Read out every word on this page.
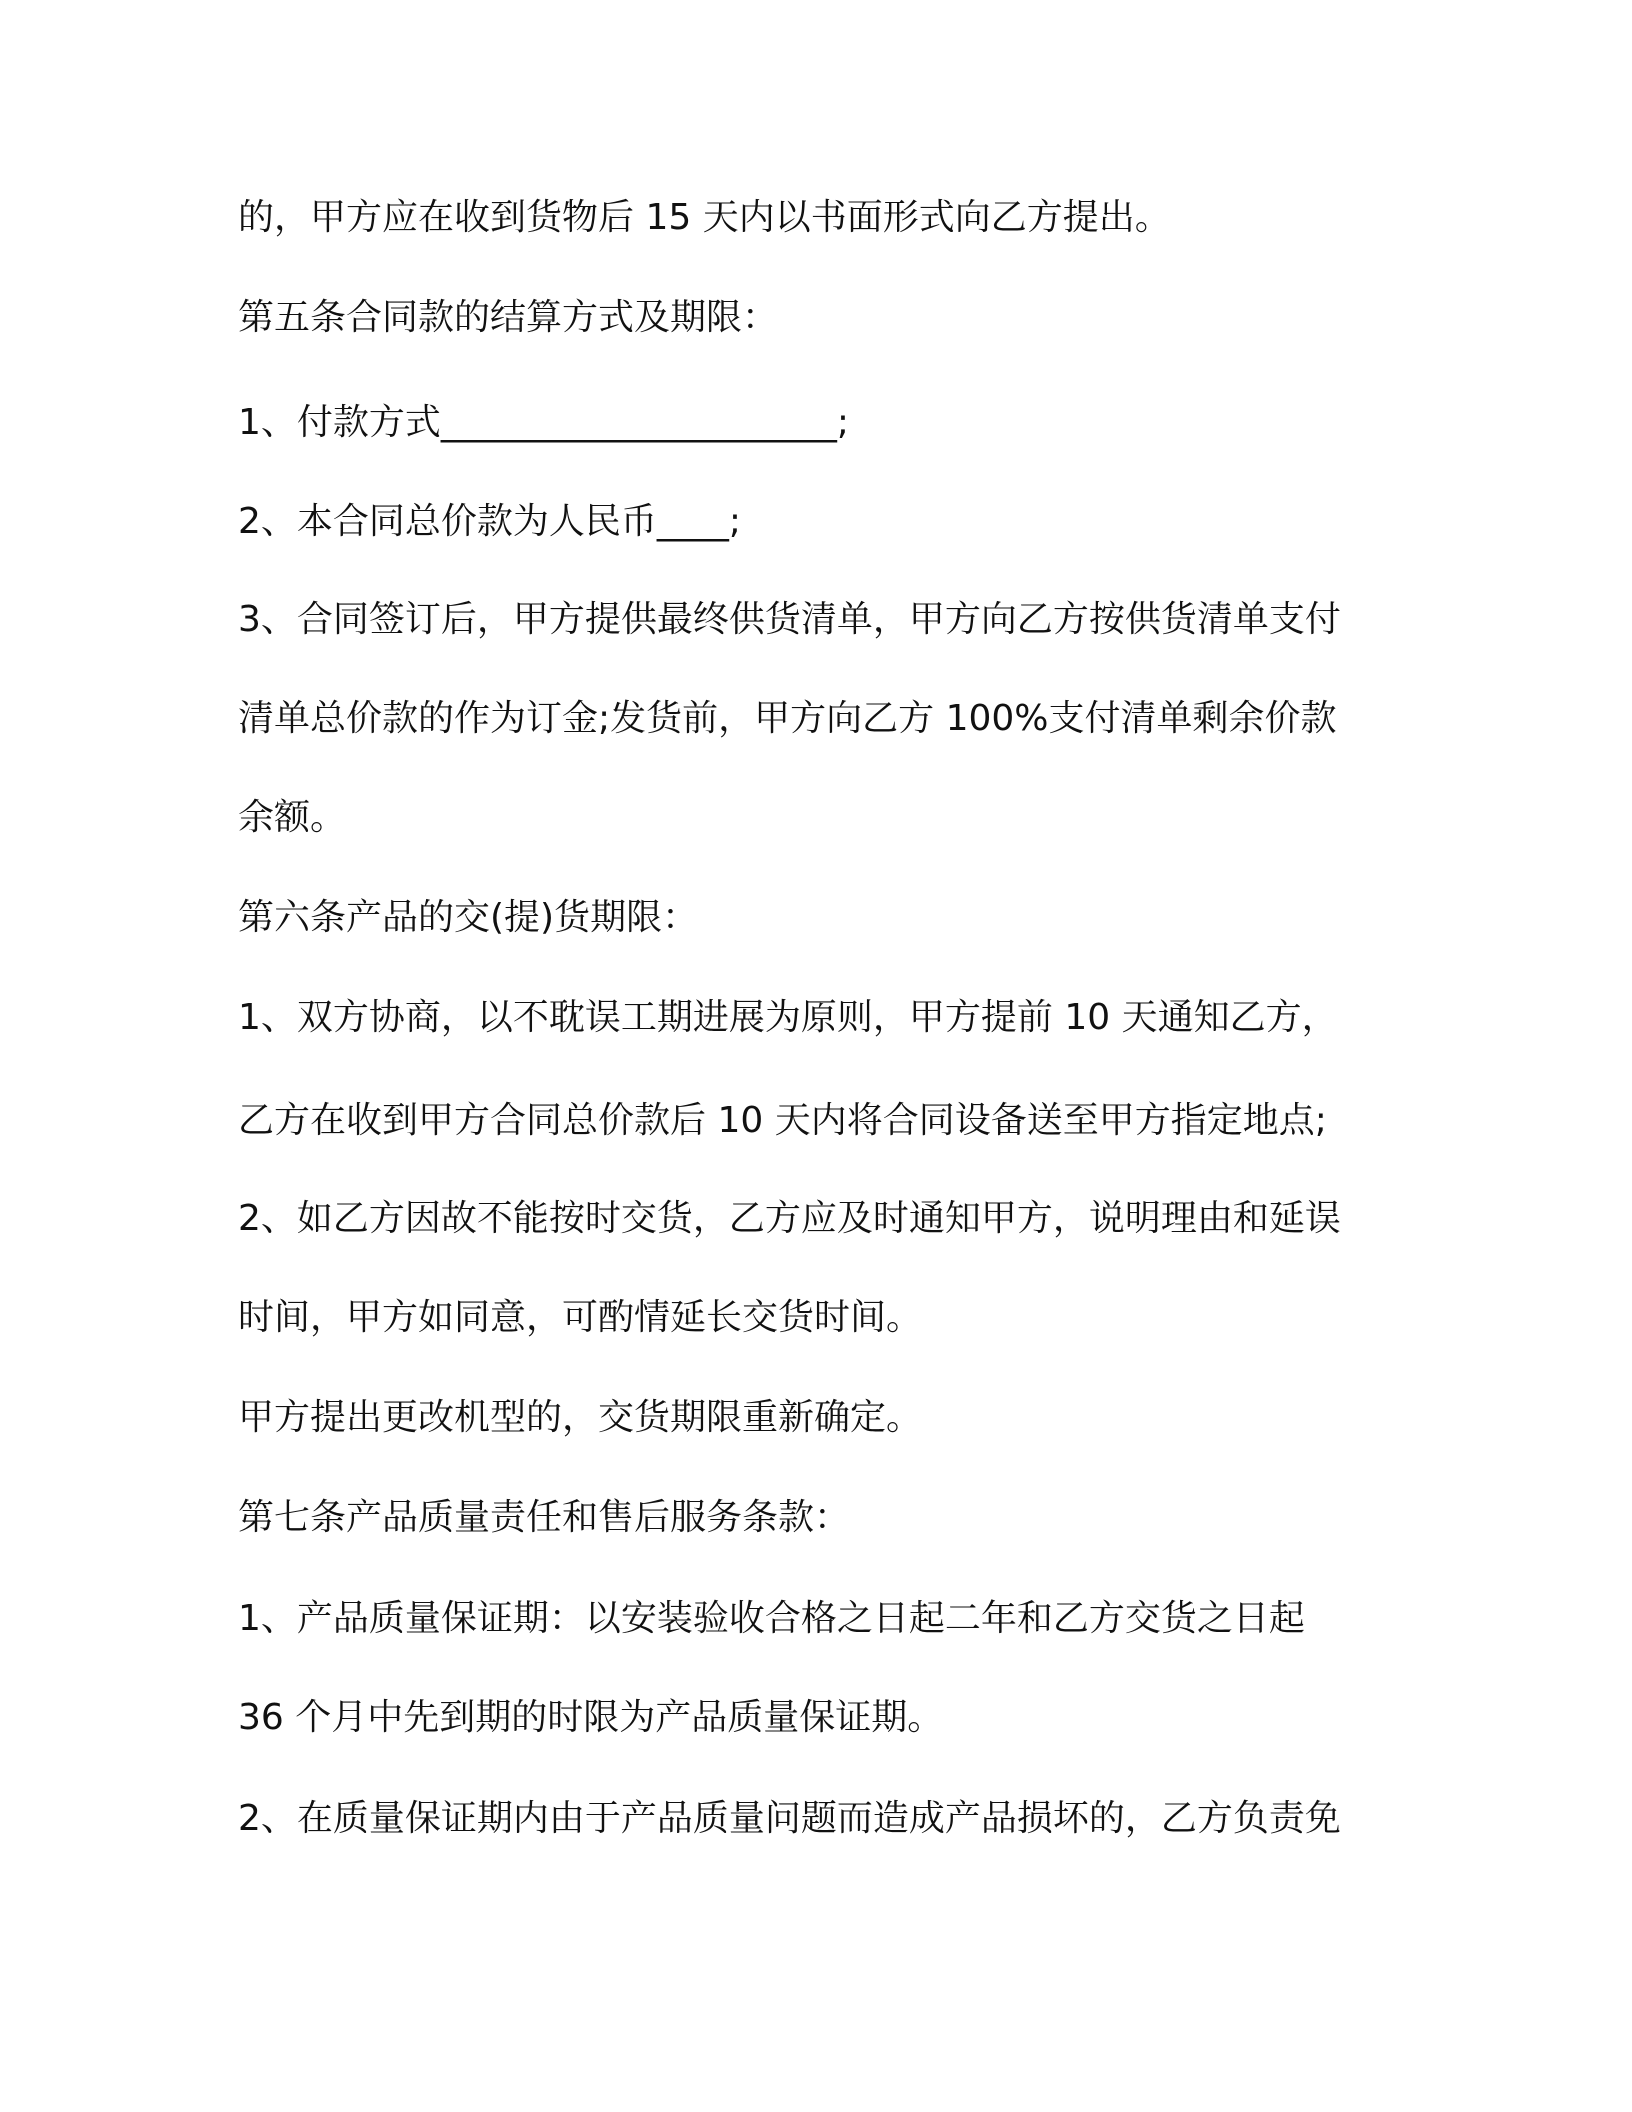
的，甲方应在收到货物后 15 天内以书面形式向乙方提出。
第五条合同款的结算方式及期限：
1、付款方式______________________;
2、本合同总价款为人民币____;
3、合同签订后，甲方提供最终供货清单，甲方向乙方按供货清单支付
清单总价款的作为订金;发货前，甲方向乙方 100%支付清单剩余价款
余额。
第六条产品的交(提)货期限：
1、双方协商，以不耽误工期进展为原则，甲方提前 10 天通知乙方，
乙方在收到甲方合同总价款后 10 天内将合同设备送至甲方指定地点;
2、如乙方因故不能按时交货，乙方应及时通知甲方，说明理由和延误
时间，甲方如同意，可酌情延长交货时间。
甲方提出更改机型的，交货期限重新确定。
第七条产品质量责任和售后服务条款：
1、产品质量保证期：以安装验收合格之日起二年和乙方交货之日起
36 个月中先到期的时限为产品质量保证期。
2、在质量保证期内由于产品质量问题而造成产品损坏的，乙方负责免
